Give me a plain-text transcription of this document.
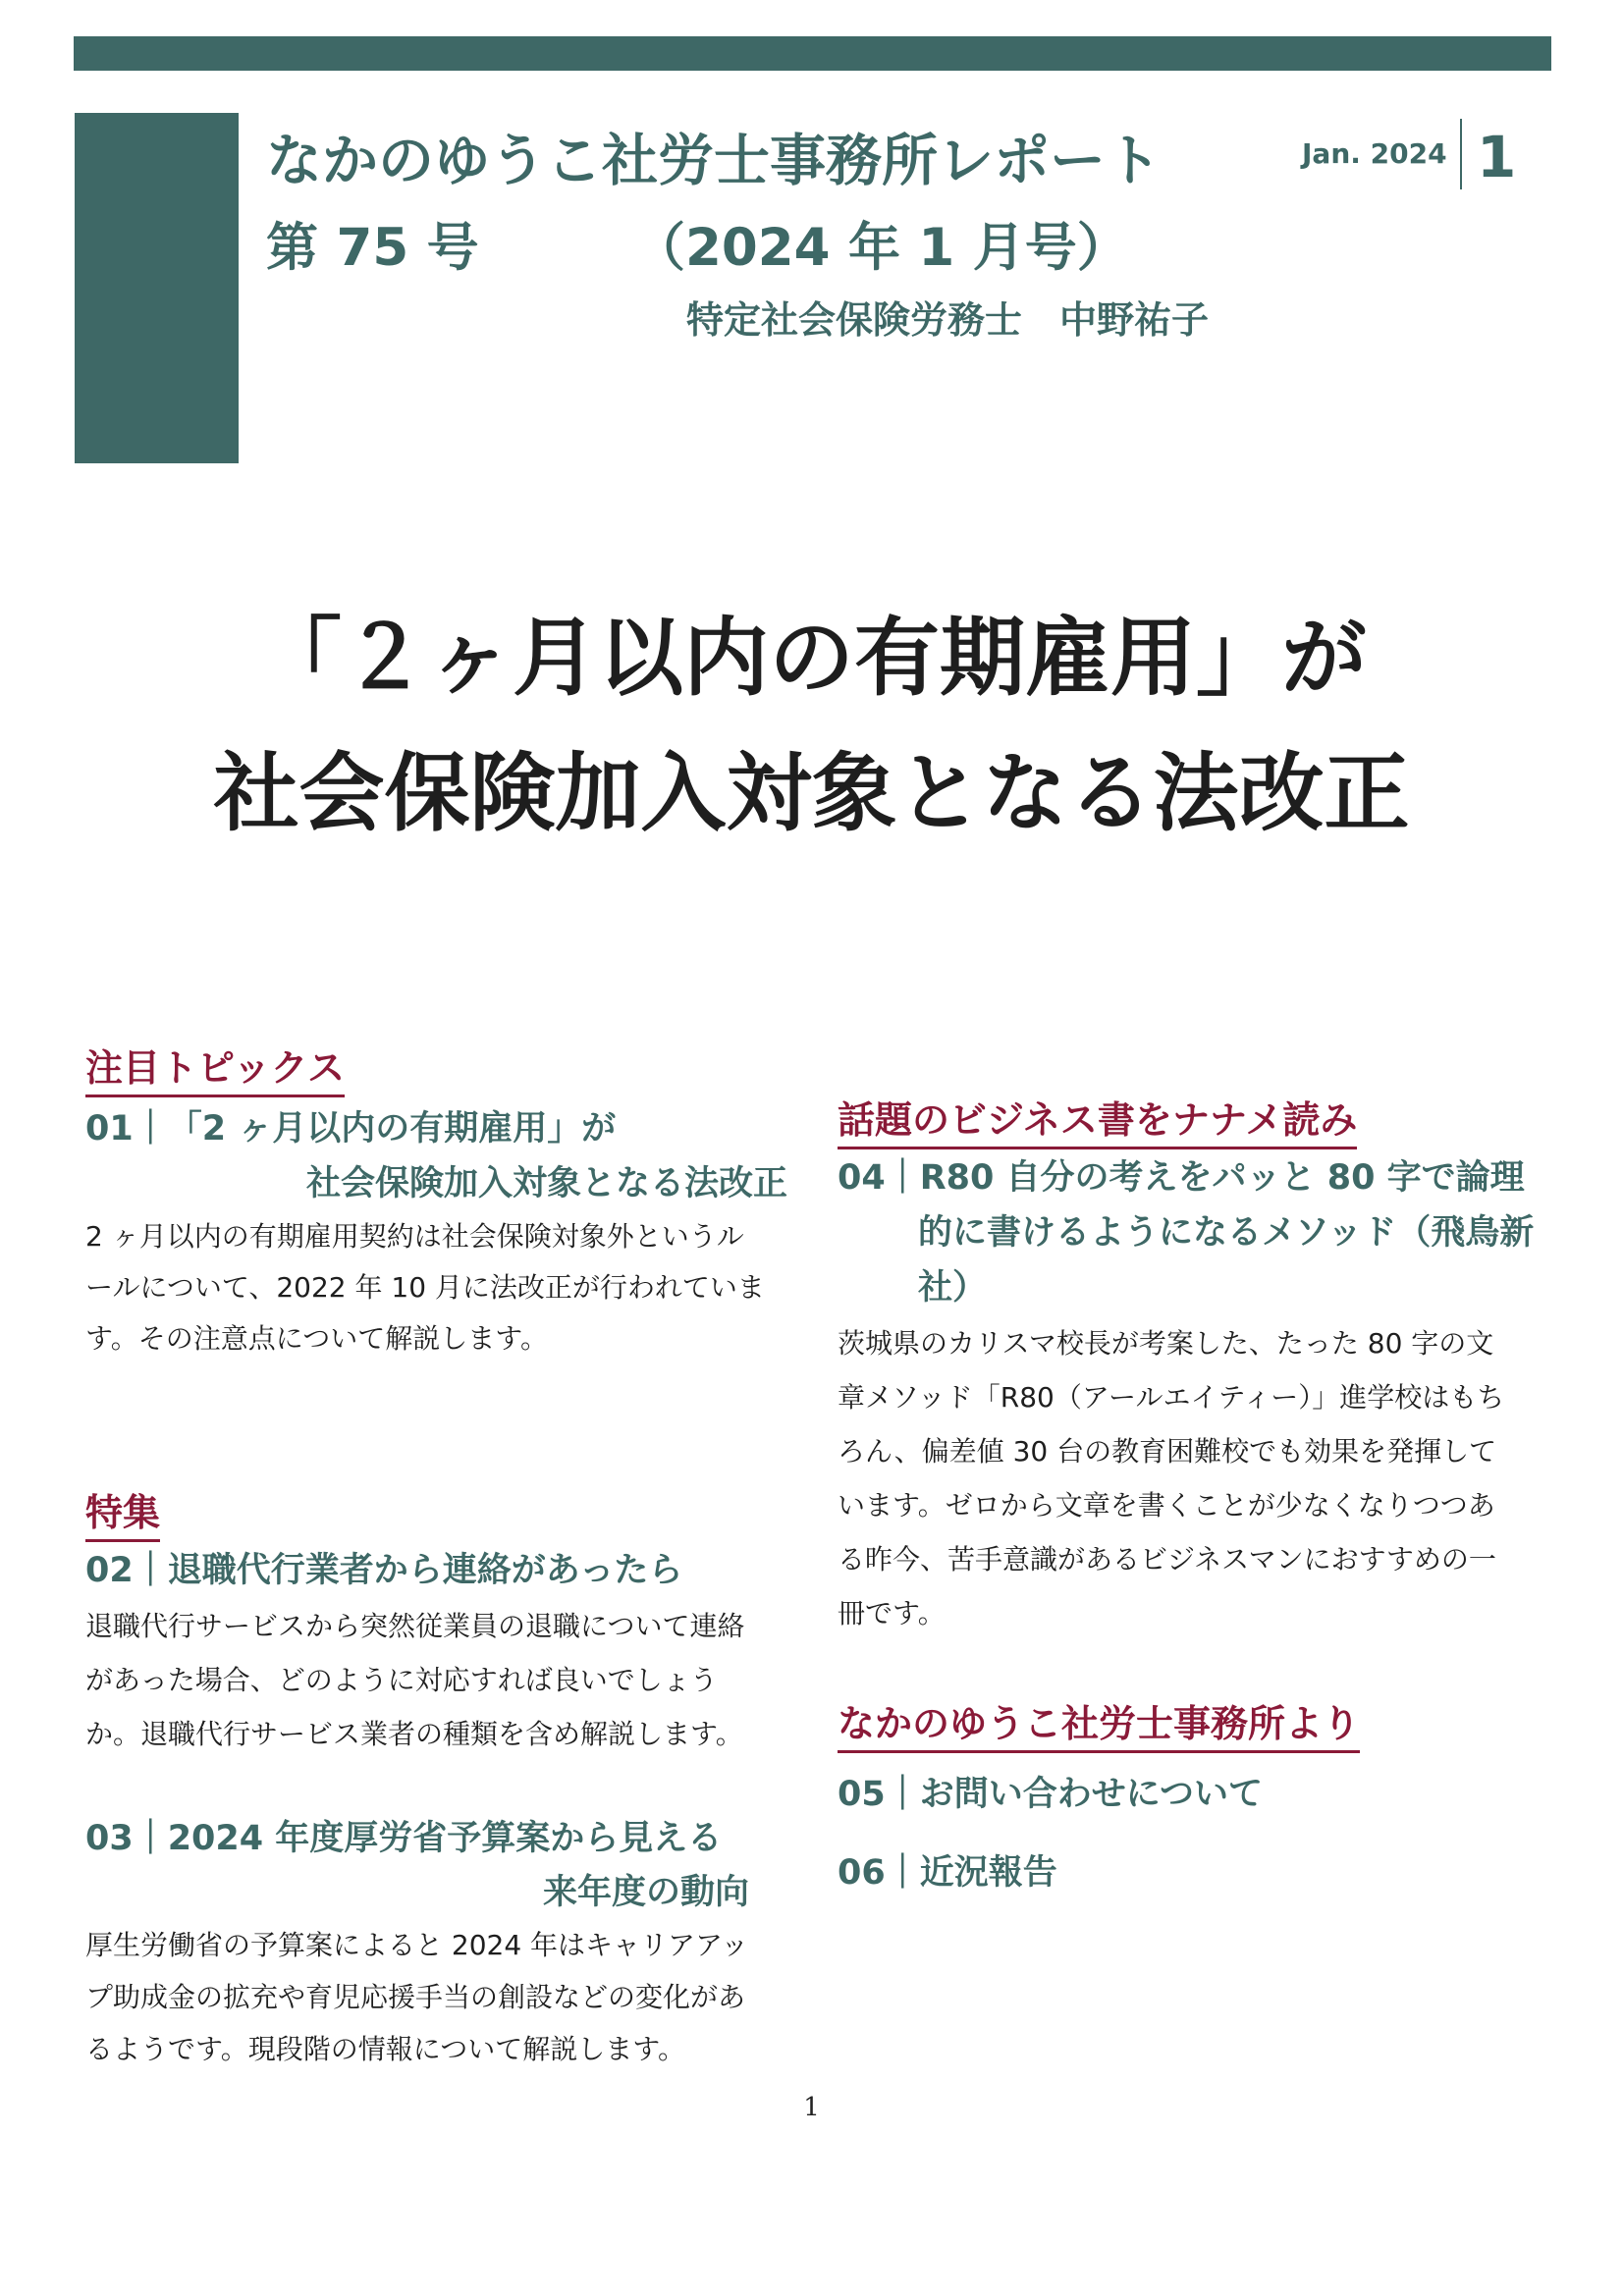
なかのゆうこ社労士事務所レポート
第 75 号	（2024 年 1 月号）
特定社会保険労務士　中野祐子
Jan. 2024 1
「２ヶ月以内の有期雇用」が
社会保険加入対象となる法改正
注目トピックス
01｜「2 ヶ月以内の有期雇用」が
社会保険加入対象となる法改正
2 ヶ月以内の有期雇用契約は社会保険対象外というル
ールについて、2022 年 10 月に法改正が行われていま
す。その注意点について解説します。
特集
02｜退職代行業者から連絡があったら
退職代行サービスから突然従業員の退職について連絡
があった場合、どのように対応すれば良いでしょう
か。退職代行サービス業者の種類を含め解説します。
03｜2024 年度厚労省予算案から見える
来年度の動向
厚生労働省の予算案によると 2024 年はキャリアアッ
プ助成金の拡充や育児応援手当の創設などの変化があ
るようです。現段階の情報について解説します。
話題のビジネス書をナナメ読み
04｜R80 自分の考えをパッと 80 字で論理
的に書けるようになるメソッド（飛鳥新
社）
茨城県のカリスマ校長が考案した、たった 80 字の文
章メソッド「R80（アールエイティー）」進学校はもち
ろん、偏差値 30 台の教育困難校でも効果を発揮して
います。ゼロから文章を書くことが少なくなりつつあ
る昨今、苦手意識があるビジネスマンにおすすめの一
冊です。
なかのゆうこ社労士事務所より
05｜お問い合わせについて
06｜近況報告
1
